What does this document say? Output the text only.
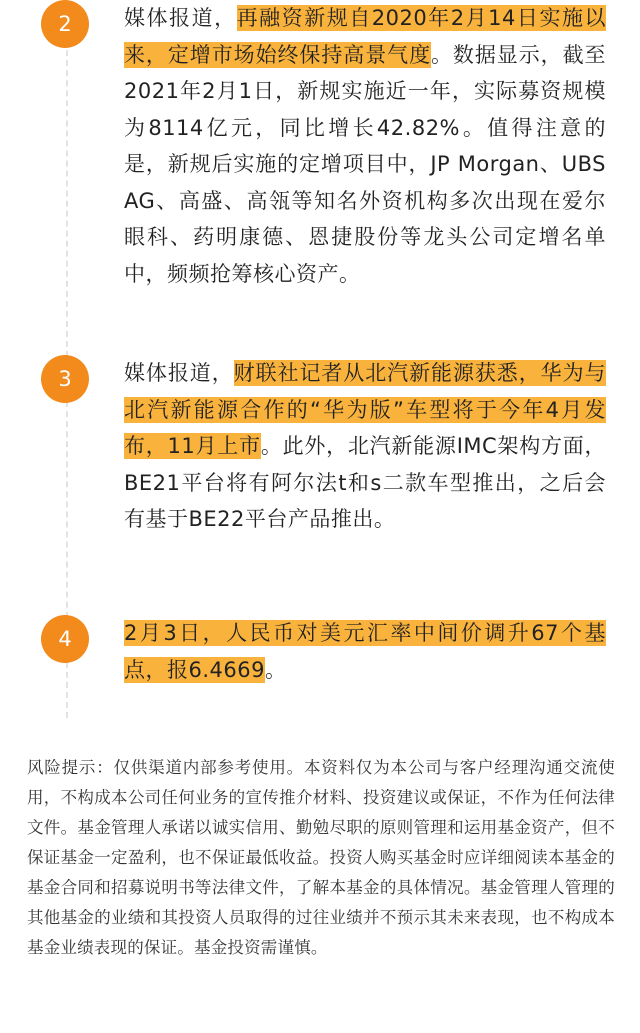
2	媒体报道，再融资新规自2020年2月14日实施以来，定增市场始终保持高景气度。数据显示，截至2021年2月1日，新规实施近一年，实际募资规模为8114亿元，同比增长42.82%。值得注意的是，新规后实施的定增项目中，JP Morgan、UBS AG、高盛、高瓴等知名外资机构多次出现在爱尔眼科、药明康德、恩捷股份等龙头公司定增名单中，频频抢筹核心资产。

3	媒体报道，财联社记者从北汽新能源获悉，华为与北汽新能源合作的“华为版”车型将于今年4月发布，11月上市。此外，北汽新能源IMC架构方面，BE21平台将有阿尔法t和s二款车型推出，之后会有基于BE22平台产品推出。

4	2月3日，人民币对美元汇率中间价调升67个基点，报6.4669。

风险提示：仅供渠道内部参考使用。本资料仅为本公司与客户经理沟通交流使用，不构成本公司任何业务的宣传推介材料、投资建议或保证，不作为任何法律文件。基金管理人承诺以诚实信用、勤勉尽职的原则管理和运用基金资产，但不保证基金一定盈利，也不保证最低收益。投资人购买基金时应详细阅读本基金的基金合同和招募说明书等法律文件，了解本基金的具体情况。基金管理人管理的其他基金的业绩和其投资人员取得的过往业绩并不预示其未来表现，也不构成本基金业绩表现的保证。基金投资需谨慎。
